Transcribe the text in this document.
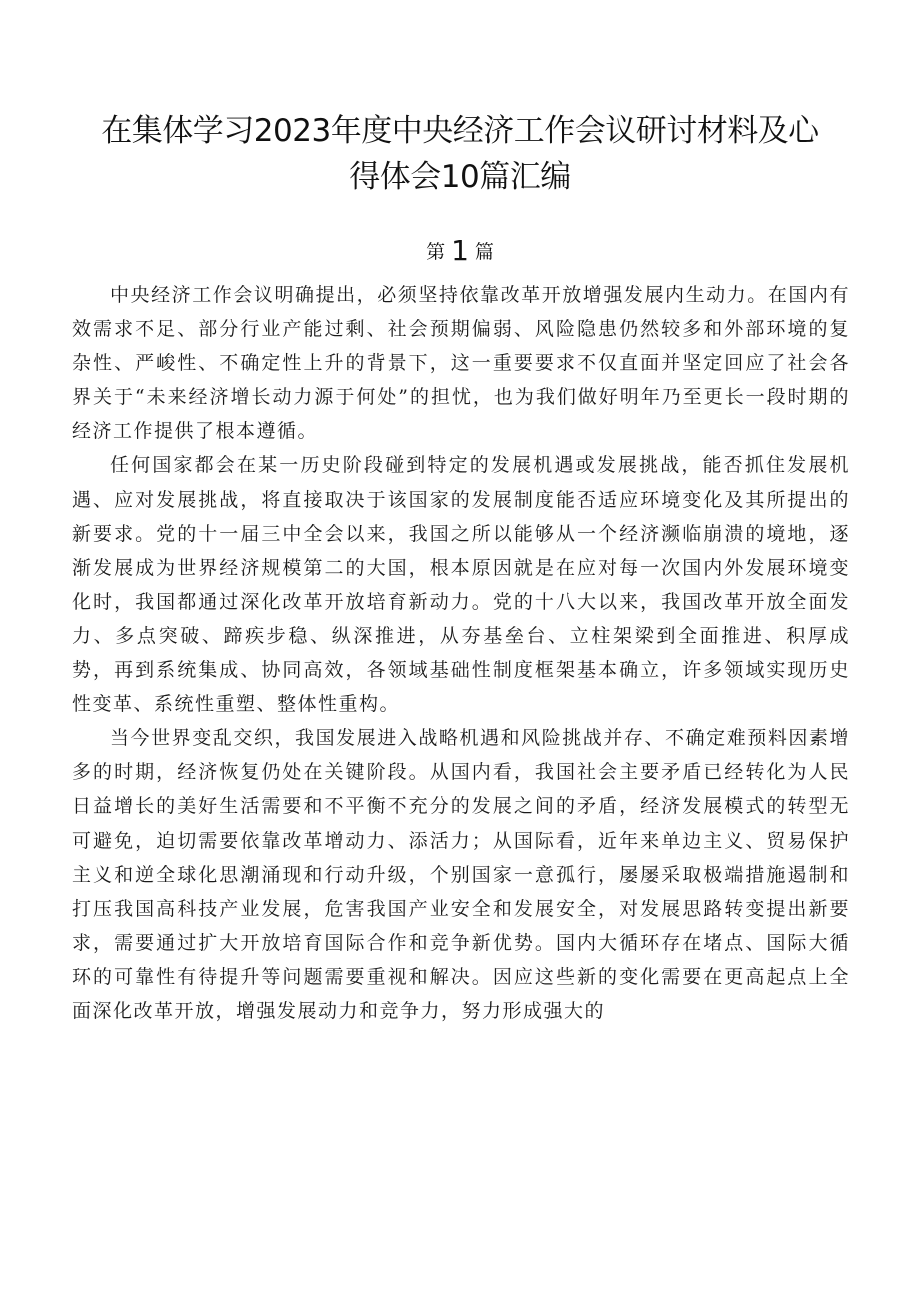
在集体学习2023年度中央经济工作会议研讨材料及心
得体会10篇汇编
第 1 篇

中央经济工作会议明确提出，必须坚持依靠改革开放增强发展内生动力。在国内有效需求不足、部分行业产能过剩、社会预期偏弱、风险隐患仍然较多和外部环境的复杂性、严峻性、不确定性上升的背景下，这一重要要求不仅直面并坚定回应了社会各界关于“未来经济增长动力源于何处”的担忧，也为我们做好明年乃至更长一段时期的经济工作提供了根本遵循。

任何国家都会在某一历史阶段碰到特定的发展机遇或发展挑战，能否抓住发展机遇、应对发展挑战，将直接取决于该国家的发展制度能否适应环境变化及其所提出的新要求。党的十一届三中全会以来，我国之所以能够从一个经济濒临崩溃的境地，逐渐发展成为世界经济规模第二的大国，根本原因就是在应对每一次国内外发展环境变化时，我国都通过深化改革开放培育新动力。党的十八大以来，我国改革开放全面发力、多点突破、蹄疾步稳、纵深推进，从夯基垒台、立柱架梁到全面推进、积厚成势，再到系统集成、协同高效，各领域基础性制度框架基本确立，许多领域实现历史性变革、系统性重塑、整体性重构。

当今世界变乱交织，我国发展进入战略机遇和风险挑战并存、不确定难预料因素增多的时期，经济恢复仍处在关键阶段。从国内看，我国社会主要矛盾已经转化为人民日益增长的美好生活需要和不平衡不充分的发展之间的矛盾，经济发展模式的转型无可避免，迫切需要依靠改革增动力、添活力；从国际看，近年来单边主义、贸易保护主义和逆全球化思潮涌现和行动升级，个别国家一意孤行，屡屡采取极端措施遏制和打压我国高科技产业发展，危害我国产业安全和发展安全，对发展思路转变提出新要求，需要通过扩大开放培育国际合作和竞争新优势。国内大循环存在堵点、国际大循环的可靠性有待提升等问题需要重视和解决。因应这些新的变化需要在更高起点上全面深化改革开放，增强发展动力和竞争力，努力形成强大的
